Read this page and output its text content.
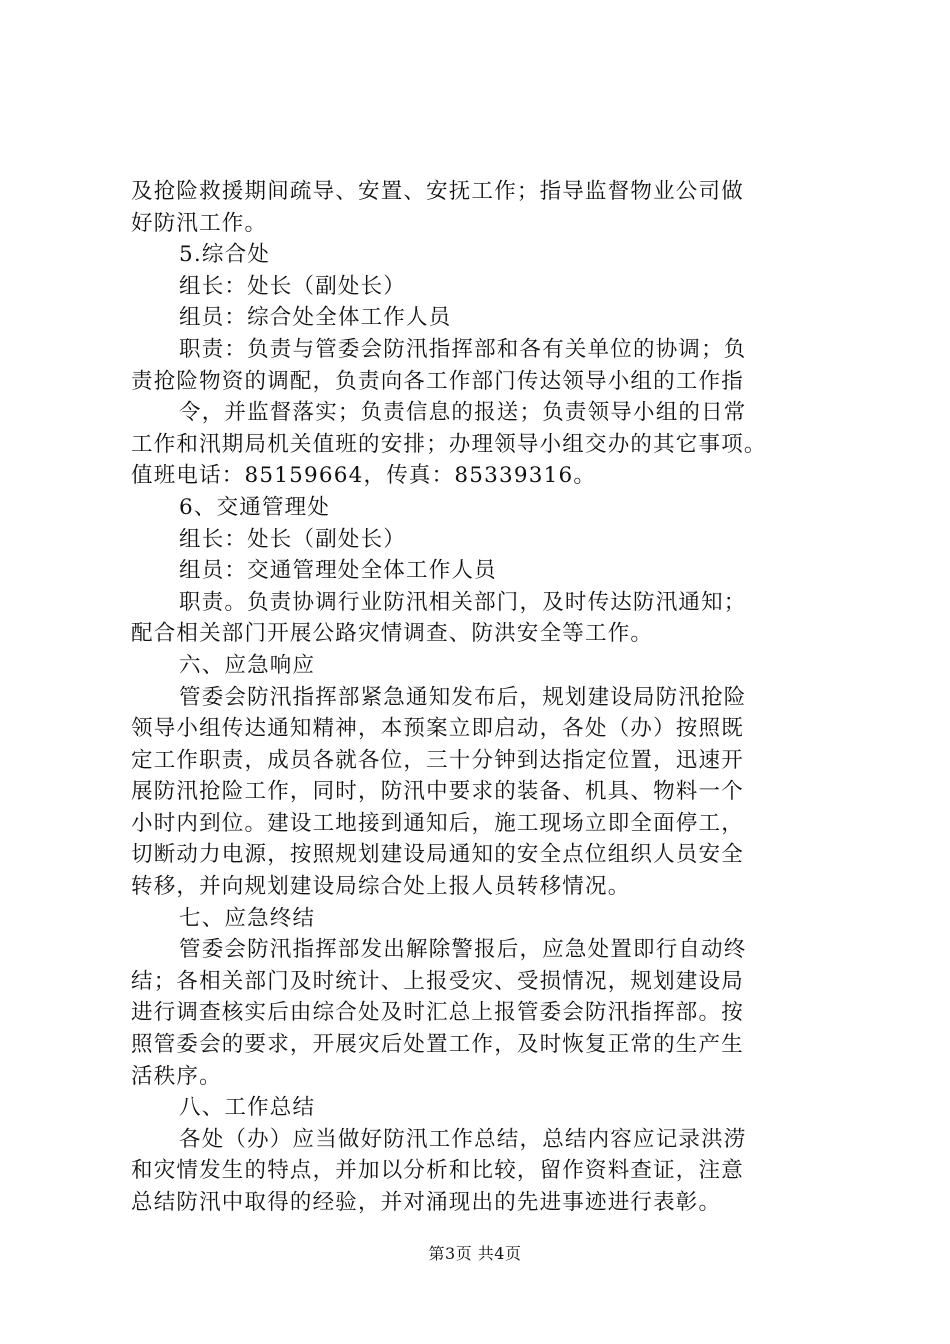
及抢险救援期间疏导、安置、安抚工作；指导监督物业公司做
好防汛工作。
5.综合处
组长：处长（副处长）
组员：综合处全体工作人员
职责：负责与管委会防汛指挥部和各有关单位的协调；负
责抢险物资的调配，负责向各工作部门传达领导小组的工作指
令，并监督落实；负责信息的报送；负责领导小组的日常
工作和汛期局机关值班的安排；办理领导小组交办的其它事项。
值班电话：85159664，传真：85339316。
6、交通管理处
组长：处长（副处长）
组员：交通管理处全体工作人员
职责。负责协调行业防汛相关部门，及时传达防汛通知；
配合相关部门开展公路灾情调查、防洪安全等工作。
六、应急响应
管委会防汛指挥部紧急通知发布后，规划建设局防汛抢险
领导小组传达通知精神，本预案立即启动，各处（办）按照既
定工作职责，成员各就各位，三十分钟到达指定位置，迅速开
展防汛抢险工作，同时，防汛中要求的装备、机具、物料一个
小时内到位。建设工地接到通知后，施工现场立即全面停工，
切断动力电源，按照规划建设局通知的安全点位组织人员安全
转移，并向规划建设局综合处上报人员转移情况。
七、应急终结
管委会防汛指挥部发出解除警报后，应急处置即行自动终
结；各相关部门及时统计、上报受灾、受损情况，规划建设局
进行调查核实后由综合处及时汇总上报管委会防汛指挥部。按
照管委会的要求，开展灾后处置工作，及时恢复正常的生产生
活秩序。
八、工作总结
各处（办）应当做好防汛工作总结，总结内容应记录洪涝
和灾情发生的特点，并加以分析和比较，留作资料查证，注意
总结防汛中取得的经验，并对涌现出的先进事迹进行表彰。
第3页 共4页
